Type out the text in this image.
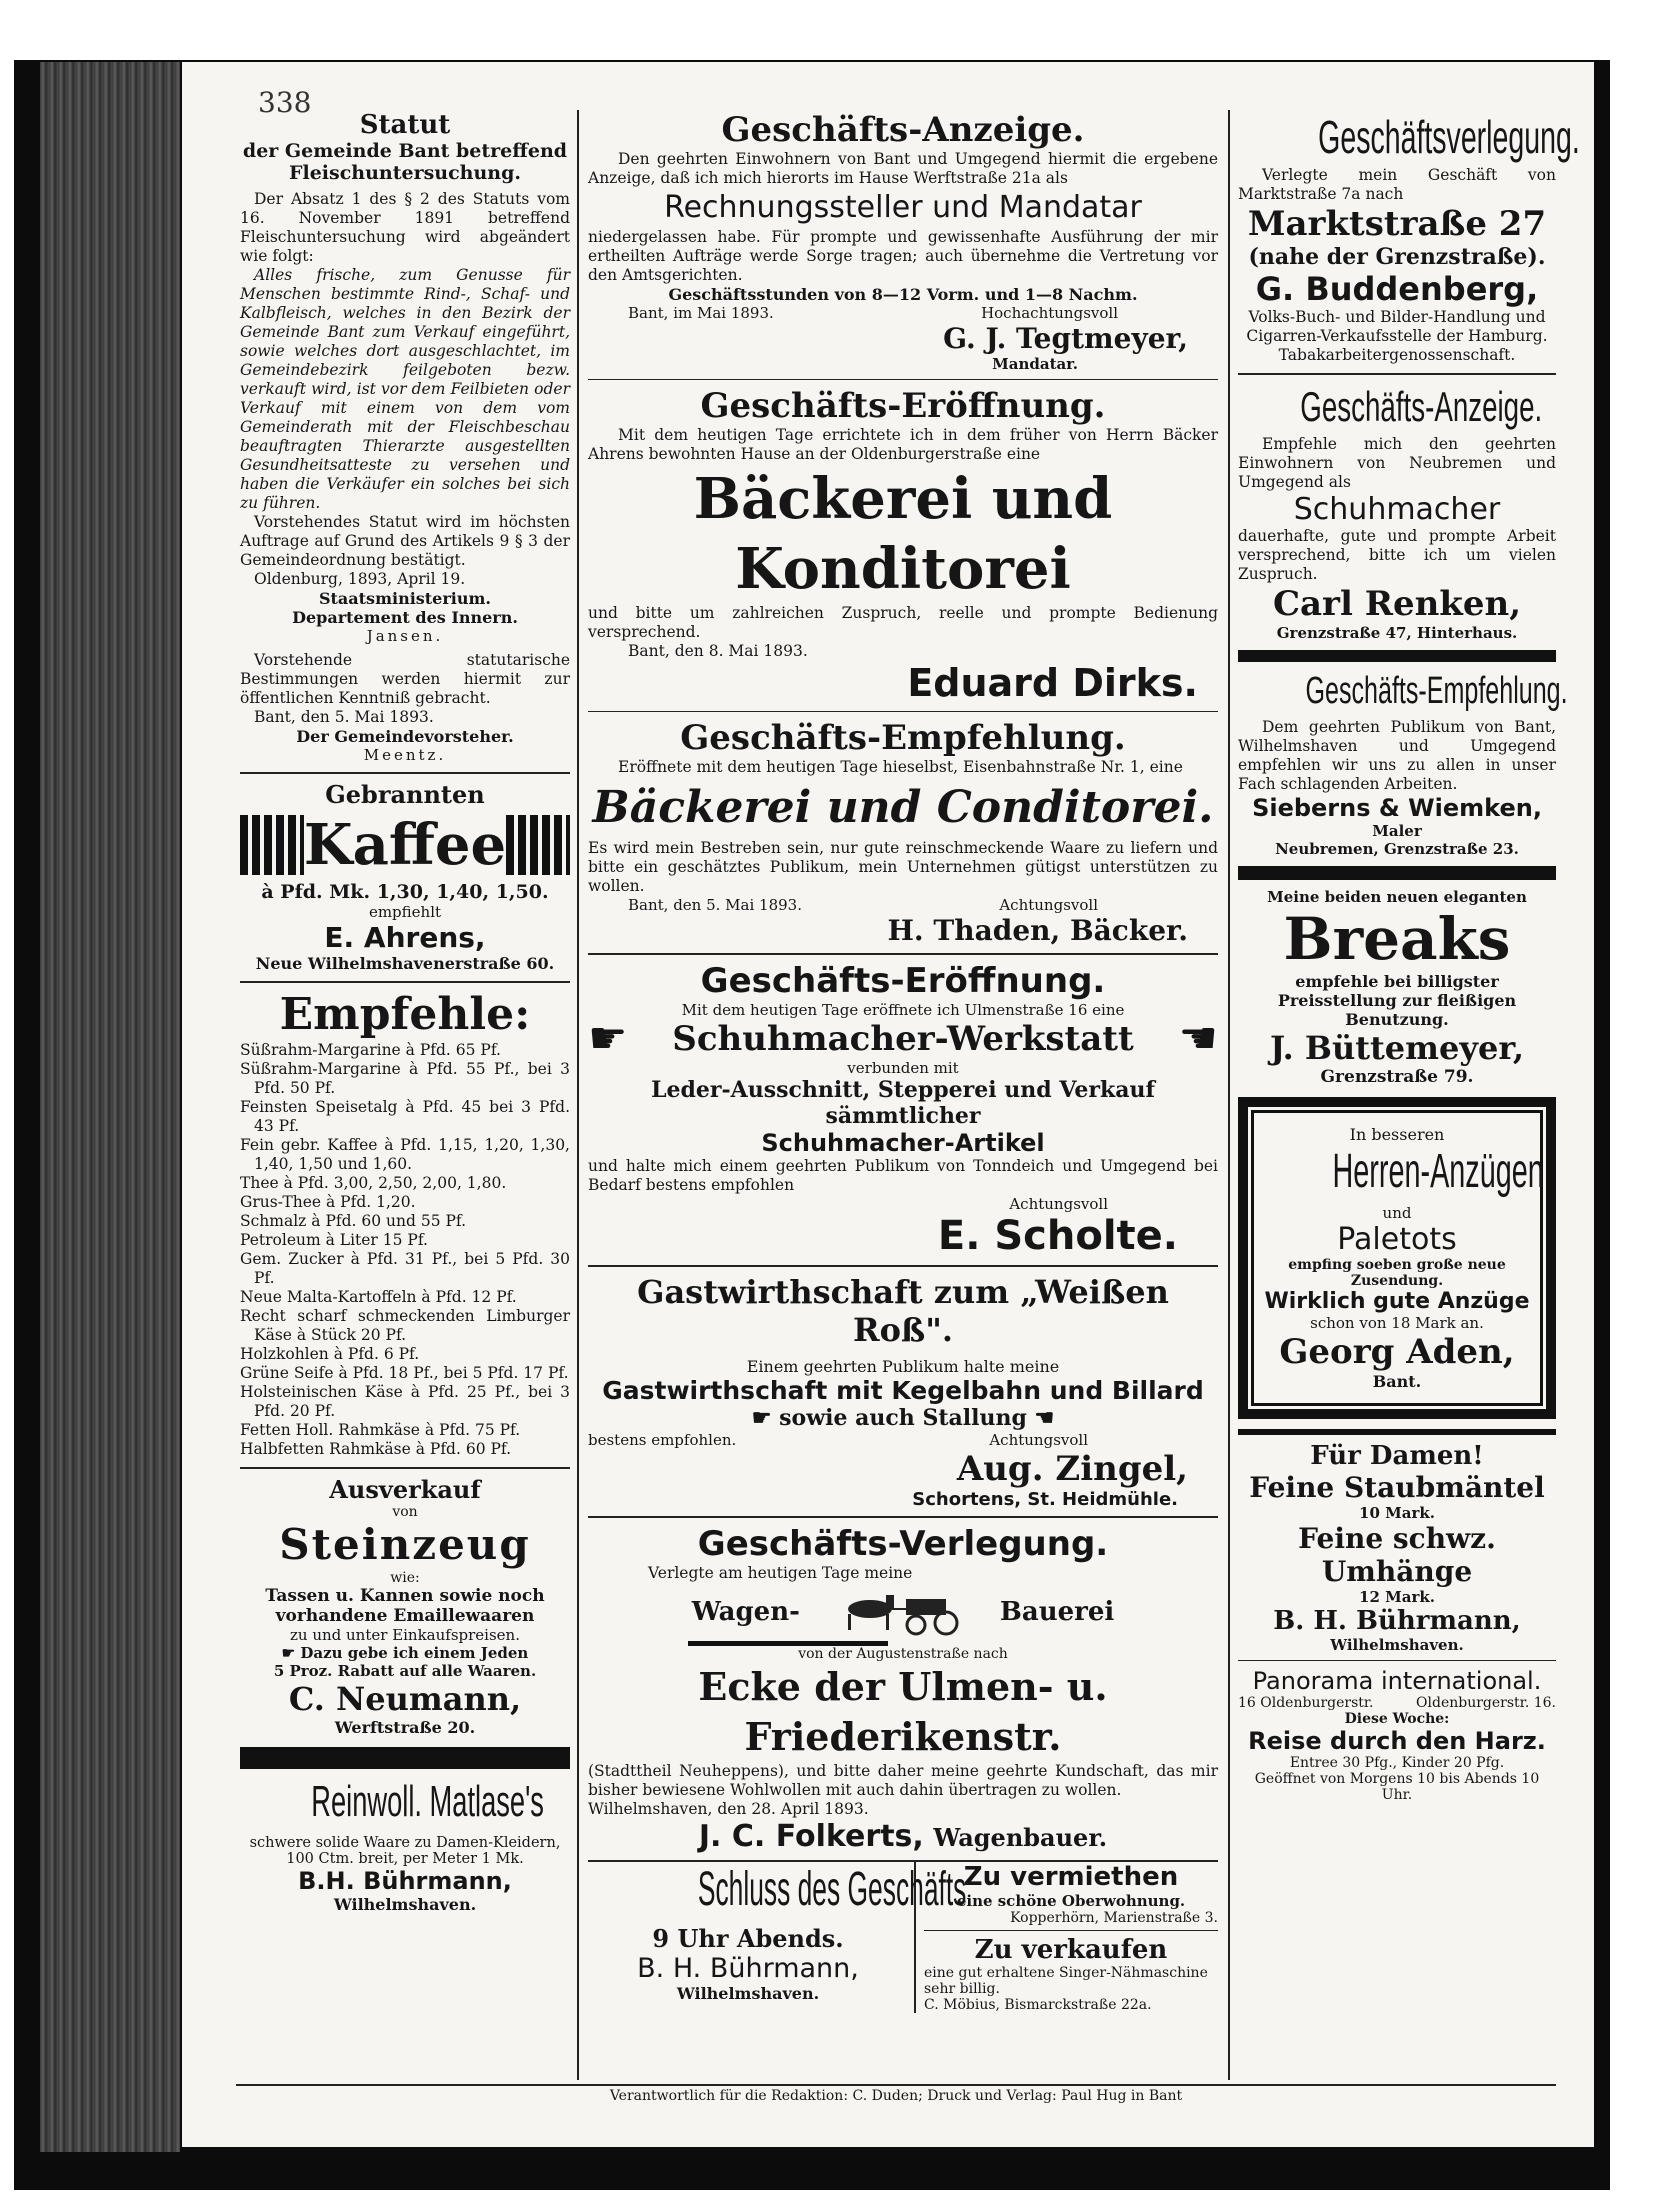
338
Statut
der Gemeinde Bant betreffend
Fleischuntersuchung.
Der Absatz 1 des § 2 des Statuts vom 16. November 1891 betreffend Fleischuntersuchung wird abgeändert wie folgt:
Alles frische, zum Genusse für Menschen bestimmte Rind-, Schaf- und Kalbfleisch, welches in den Bezirk der Gemeinde Bant zum Verkauf eingeführt, sowie welches dort ausgeschlachtet, im Gemeindebezirk feilgeboten bezw. verkauft wird, ist vor dem Feilbieten oder Verkauf mit einem von dem vom Gemeinderath mit der Fleischbeschau beauftragten Thierarzte ausgestellten Gesundheitsatteste zu versehen und haben die Verkäufer ein solches bei sich zu führen.
Vorstehendes Statut wird im höchsten Auftrage auf Grund des Artikels 9 § 3 der Gemeindeordnung bestätigt.
Oldenburg, 1893, April 19.
Staatsministerium.
Departement des Innern.
Jansen.
Vorstehende statutarische Bestimmungen werden hiermit zur öffentlichen Kenntniß gebracht.
Bant, den 5. Mai 1893.
Der Gemeindevorsteher.
Meentz.
Gebrannten
Kaffee
à Pfd. Mk. 1,30, 1,40, 1,50.
empfiehlt
E. Ahrens,
Neue Wilhelmshavenerstraße 60.
Empfehle:
Süßrahm-Margarine à Pfd. 65 Pf.
Süßrahm-Margarine à Pfd. 55 Pf., bei 3 Pfd. 50 Pf.
Feinsten Speisetalg à Pfd. 45 bei 3 Pfd. 43 Pf.
Fein gebr. Kaffee à Pfd. 1,15, 1,20, 1,30, 1,40, 1,50 und 1,60.
Thee à Pfd. 3,00, 2,50, 2,00, 1,80.
Grus-Thee à Pfd. 1,20.
Schmalz à Pfd. 60 und 55 Pf.
Petroleum à Liter 15 Pf.
Gem. Zucker à Pfd. 31 Pf., bei 5 Pfd. 30 Pf.
Neue Malta-Kartoffeln à Pfd. 12 Pf.
Recht scharf schmeckenden Limburger Käse à Stück 20 Pf.
Holzkohlen à Pfd. 6 Pf.
Grüne Seife à Pfd. 18 Pf., bei 5 Pfd. 17 Pf.
Holsteinischen Käse à Pfd. 25 Pf., bei 3 Pfd. 20 Pf.
Fetten Holl. Rahmkäse à Pfd. 75 Pf.
Halbfetten Rahmkäse à Pfd. 60 Pf.
Ausverkauf
von
Steinzeug
wie:
Tassen u. Kannen sowie noch
vorhandene Emaillewaaren
zu und unter Einkaufspreisen.
☛ Dazu gebe ich einem Jeden
5 Proz. Rabatt auf alle Waaren.
C. Neumann,
Werftstraße 20.
Reinwoll. Matlase's
schwere solide Waare zu Damen-Kleidern,
100 Ctm. breit, per Meter 1 Mk.
B.H. Bührmann,
Wilhelmshaven.
Geschäfts-Anzeige.
Den geehrten Einwohnern von Bant und Umgegend hiermit die ergebene Anzeige, daß ich mich hierorts im Hause Werftstraße 21a als
Rechnungssteller und Mandatar
niedergelassen habe. Für prompte und gewissenhafte Ausführung der mir ertheilten Aufträge werde Sorge tragen; auch übernehme die Vertretung vor den Amtsgerichten.
Geschäftsstunden von 8—12 Vorm. und 1—8 Nachm.
Bant, im Mai 1893.	Hochachtungsvoll
G. J. Tegtmeyer,
Mandatar.
Geschäfts-Eröffnung.
Mit dem heutigen Tage errichtete ich in dem früher von Herrn Bäcker Ahrens bewohnten Hause an der Oldenburgerstraße eine
Bäckerei und Konditorei
und bitte um zahlreichen Zuspruch, reelle und prompte Bedienung versprechend.
Bant, den 8. Mai 1893.
Eduard Dirks.
Geschäfts-Empfehlung.
Eröffnete mit dem heutigen Tage hieselbst, Eisenbahnstraße Nr. 1, eine
Bäckerei und Conditorei.
Es wird mein Bestreben sein, nur gute reinschmeckende Waare zu liefern und bitte ein geschätztes Publikum, mein Unternehmen gütigst unterstützen zu wollen.
Bant, den 5. Mai 1893.	Achtungsvoll
H. Thaden, Bäcker.
Geschäfts-Eröffnung.
Mit dem heutigen Tage eröffnete ich Ulmenstraße 16 eine
☛ Schuhmacher-Werkstatt ☚
verbunden mit
Leder-Ausschnitt, Stepperei und Verkauf sämmtlicher
Schuhmacher-Artikel
und halte mich einem geehrten Publikum von Tonndeich und Umgegend bei Bedarf bestens empfohlen
Achtungsvoll
E. Scholte.
Gastwirthschaft zum „Weißen Roß".
Einem geehrten Publikum halte meine
Gastwirthschaft mit Kegelbahn und Billard
☛ sowie auch Stallung ☚
bestens empfohlen.	Achtungsvoll
Aug. Zingel,
Schortens, St. Heidmühle.
Geschäfts-Verlegung.
Verlegte am heutigen Tage meine
Wagen-	Bauerei
von der Augustenstraße nach
Ecke der Ulmen- u. Friederikenstr.
(Stadttheil Neuheppens), und bitte daher meine geehrte Kundschaft, das mir bisher bewiesene Wohlwollen mit auch dahin übertragen zu wollen.
Wilhelmshaven, den 28. April 1893.
J. C. Folkerts, Wagenbauer.
Schluss des Geschäfts
9 Uhr Abends.
B. H. Bührmann,
Wilhelmshaven.
Zu vermiethen
eine schöne Oberwohnung.
Kopperhörn, Marienstraße 3.
Zu verkaufen
eine gut erhaltene Singer-Nähmaschine
sehr billig.
C. Möbius, Bismarckstraße 22a.
Geschäftsverlegung.
Verlegte mein Geschäft von Marktstraße 7a nach
Marktstraße 27
(nahe der Grenzstraße).
G. Buddenberg,
Volks-Buch- und Bilder-Handlung und Cigarren-Verkaufsstelle der Hamburg. Tabakarbeitergenossenschaft.
Geschäfts-Anzeige.
Empfehle mich den geehrten Einwohnern von Neubremen und Umgegend als
Schuhmacher
dauerhafte, gute und prompte Arbeit versprechend, bitte ich um vielen Zuspruch.
Carl Renken,
Grenzstraße 47, Hinterhaus.
Geschäfts-Empfehlung.
Dem geehrten Publikum von Bant, Wilhelmshaven und Umgegend empfehlen wir uns zu allen in unser Fach schlagenden Arbeiten.
Sieberns & Wiemken,
Maler
Neubremen, Grenzstraße 23.
Meine beiden neuen eleganten
Breaks
empfehle bei billigster Preisstellung zur fleißigen Benutzung.
J. Büttemeyer,
Grenzstraße 79.
In besseren
Herren-Anzügen
und
Paletots
empfing soeben große neue Zusendung.
Wirklich gute Anzüge
schon von 18 Mark an.
Georg Aden,
Bant.
Für Damen!
Feine Staubmäntel
10 Mark.
Feine schwz. Umhänge
12 Mark.
B. H. Bührmann,
Wilhelmshaven.
Panorama international.
16 Oldenburgerstr.	Oldenburgerstr. 16.
Diese Woche:
Reise durch den Harz.
Entree 30 Pfg., Kinder 20 Pfg.
Geöffnet von Morgens 10 bis Abends 10 Uhr.
Verantwortlich für die Redaktion: C. Duden; Druck und Verlag: Paul Hug in Bant
